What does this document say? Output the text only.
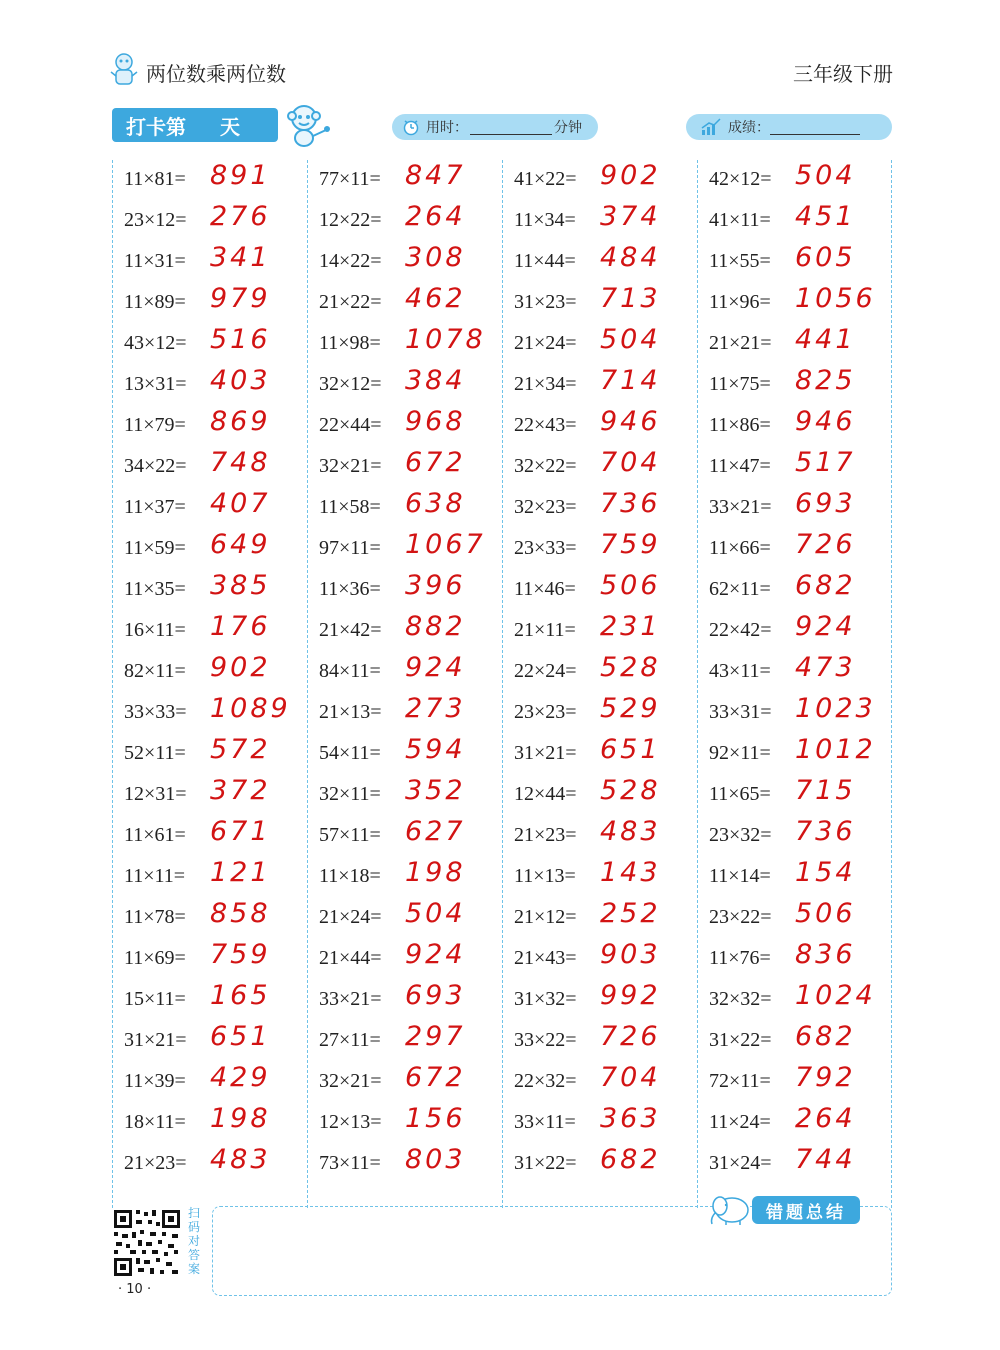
两位数乘两位数	三年级下册
打卡第 天	用时：	分钟	成绩：
11×81= 891
23×12= 276
11×31= 341
11×89= 979
43×12= 516
13×31= 403
11×79= 869
34×22= 748
11×37= 407
11×59= 649
11×35= 385
16×11= 176
82×11= 902
33×33= 1089
52×11= 572
12×31= 372
11×61= 671
11×11= 121
11×78= 858
11×69= 759
15×11= 165
31×21= 651
11×39= 429
18×11= 198
21×23= 483
77×11= 847
12×22= 264
14×22= 308
21×22= 462
11×98= 1078
32×12= 384
22×44= 968
32×21= 672
11×58= 638
97×11= 1067
11×36= 396
21×42= 882
84×11= 924
21×13= 273
54×11= 594
32×11= 352
57×11= 627
11×18= 198
21×24= 504
21×44= 924
33×21= 693
27×11= 297
32×21= 672
12×13= 156
73×11= 803
41×22= 902
11×34= 374
11×44= 484
31×23= 713
21×24= 504
21×34= 714
22×43= 946
32×22= 704
32×23= 736
23×33= 759
11×46= 506
21×11= 231
22×24= 528
23×23= 529
31×21= 651
12×44= 528
21×23= 483
11×13= 143
21×12= 252
21×43= 903
31×32= 992
33×22= 726
22×32= 704
33×11= 363
31×22= 682
42×12= 504
41×11= 451
11×55= 605
11×96= 1056
21×21= 441
11×75= 825
11×86= 946
11×47= 517
33×21= 693
11×66= 726
62×11= 682
22×42= 924
43×11= 473
33×31= 1023
92×11= 1012
11×65= 715
23×32= 736
11×14= 154
23×22= 506
11×76= 836
32×32= 1024
31×22= 682
72×11= 792
11×24= 264
31×24= 744
错题总结
扫码对答案
· 10 ·
